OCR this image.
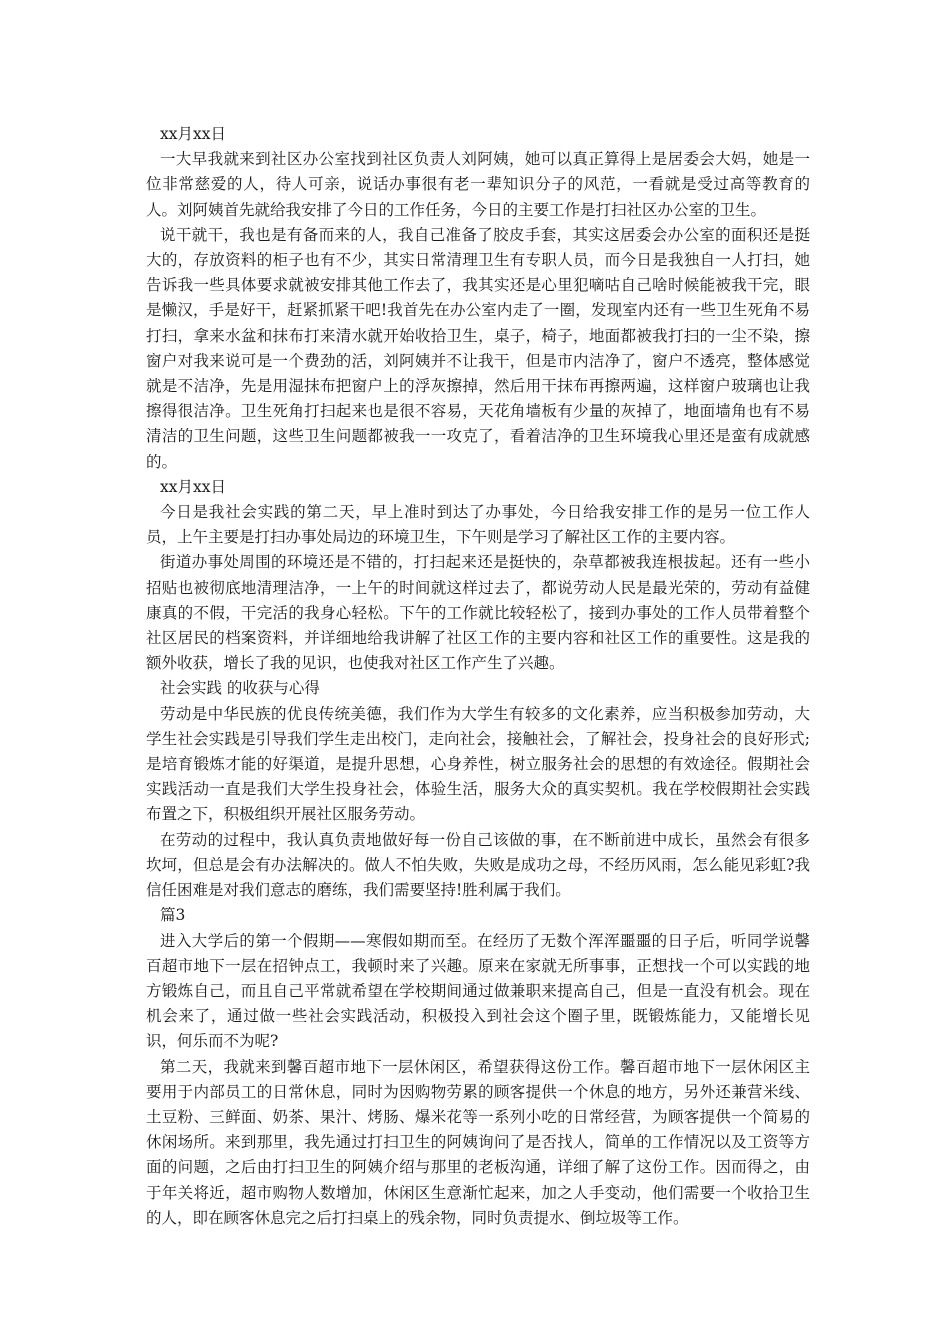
xx月xx日

一大早我就来到社区办公室找到社区负责人刘阿姨，她可以真正算得上是居委会大妈，她是一位非常慈爱的人，待人可亲，说话办事很有老一辈知识分子的风范，一看就是受过高等教育的人。刘阿姨首先就给我安排了今日的工作任务，今日的主要工作是打扫社区办公室的卫生。

说干就干，我也是有备而来的人，我自己准备了胶皮手套，其实这居委会办公室的面积还是挺大的，存放资料的柜子也有不少，其实日常清理卫生有专职人员，而今日是我独自一人打扫，她告诉我一些具体要求就被安排其他工作去了，我其实还是心里犯嘀咕自己啥时候能被我干完，眼是懒汉，手是好干，赶紧抓紧干吧!我首先在办公室内走了一圈，发现室内还有一些卫生死角不易打扫，拿来水盆和抹布打来清水就开始收拾卫生，桌子，椅子，地面都被我打扫的一尘不染，擦窗户对我来说可是一个费劲的活，刘阿姨并不让我干，但是市内洁净了，窗户不透亮，整体感觉就是不洁净，先是用湿抹布把窗户上的浮灰擦掉，然后用干抹布再擦两遍，这样窗户玻璃也让我擦得很洁净。卫生死角打扫起来也是很不容易，天花角墙板有少量的灰掉了，地面墙角也有不易清洁的卫生问题，这些卫生问题都被我一一攻克了，看着洁净的卫生环境我心里还是蛮有成就感的。

xx月xx日

今日是我社会实践的第二天，早上准时到达了办事处，今日给我安排工作的是另一位工作人员，上午主要是打扫办事处局边的环境卫生，下午则是学习了解社区工作的主要内容。

街道办事处周围的环境还是不错的，打扫起来还是挺快的，杂草都被我连根拔起。还有一些小招贴也被彻底地清理洁净，一上午的时间就这样过去了，都说劳动人民是最光荣的，劳动有益健康真的不假，干完活的我身心轻松。下午的工作就比较轻松了，接到办事处的工作人员带着整个社区居民的档案资料，并详细地给我讲解了社区工作的主要内容和社区工作的重要性。这是我的额外收获，增长了我的见识，也使我对社区工作产生了兴趣。

社会实践 的收获与心得

劳动是中华民族的优良传统美德，我们作为大学生有较多的文化素养，应当积极参加劳动，大学生社会实践是引导我们学生走出校门，走向社会，接触社会，了解社会，投身社会的良好形式;是培育锻炼才能的好渠道，是提升思想，心身养性，树立服务社会的思想的有效途径。假期社会实践活动一直是我们大学生投身社会，体验生活，服务大众的真实契机。我在学校假期社会实践布置之下，积极组织开展社区服务劳动。

在劳动的过程中，我认真负责地做好每一份自己该做的事，在不断前进中成长，虽然会有很多坎坷，但总是会有办法解决的。做人不怕失败，失败是成功之母，不经历风雨，怎么能见彩虹?我信任困难是对我们意志的磨练，我们需要坚持!胜利属于我们。

篇3

进入大学后的第一个假期——寒假如期而至。在经历了无数个浑浑噩噩的日子后，听同学说馨百超市地下一层在招钟点工，我顿时来了兴趣。原来在家就无所事事，正想找一个可以实践的地方锻炼自己，而且自己平常就希望在学校期间通过做兼职来提高自己，但是一直没有机会。现在机会来了，通过做一些社会实践活动，积极投入到社会这个圈子里，既锻炼能力，又能增长见识，何乐而不为呢?

第二天，我就来到馨百超市地下一层休闲区，希望获得这份工作。馨百超市地下一层休闲区主要用于内部员工的日常休息，同时为因购物劳累的顾客提供一个休息的地方，另外还兼营米线、土豆粉、三鲜面、奶茶、果汁、烤肠、爆米花等一系列小吃的日常经营，为顾客提供一个简易的休闲场所。来到那里，我先通过打扫卫生的阿姨询问了是否找人，简单的工作情况以及工资等方面的问题，之后由打扫卫生的阿姨介绍与那里的老板沟通，详细了解了这份工作。因而得之，由于年关将近，超市购物人数增加，休闲区生意渐忙起来，加之人手变动，他们需要一个收拾卫生的人，即在顾客休息完之后打扫桌上的残余物，同时负责提水、倒垃圾等工作。
